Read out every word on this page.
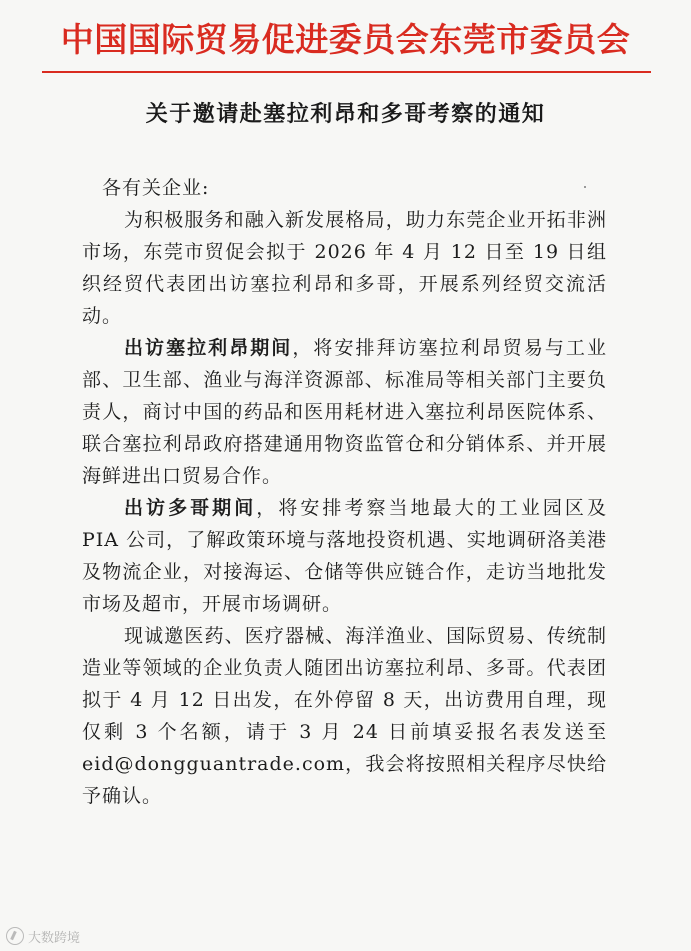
中国国际贸易促进委员会东莞市委员会
关于邀请赴塞拉利昂和多哥考察的通知

各有关企业:

为积极服务和融入新发展格局，助力东莞企业开拓非洲市场，东莞市贸促会拟于 2026 年 4 月 12 日至 19 日组织经贸代表团出访塞拉利昂和多哥，开展系列经贸交流活动。

出访塞拉利昂期间，将安排拜访塞拉利昂贸易与工业部、卫生部、渔业与海洋资源部、标准局等相关部门主要负责人，商讨中国的药品和医用耗材进入塞拉利昂医院体系、联合塞拉利昂政府搭建通用物资监管仓和分销体系、并开展海鲜进出口贸易合作。

出访多哥期间，将安排考察当地最大的工业园区及 PIA 公司，了解政策环境与落地投资机遇、实地调研洛美港及物流企业，对接海运、仓储等供应链合作，走访当地批发市场及超市，开展市场调研。

现诚邀医药、医疗器械、海洋渔业、国际贸易、传统制造业等领域的企业负责人随团出访塞拉利昂、多哥。代表团拟于 4 月 12 日出发，在外停留 8 天，出访费用自理，现仅剩 3 个名额，请于 3 月 24 日前填妥报名表发送至 eid@dongguantrade.com，我会将按照相关程序尽快给予确认。

大数跨境
